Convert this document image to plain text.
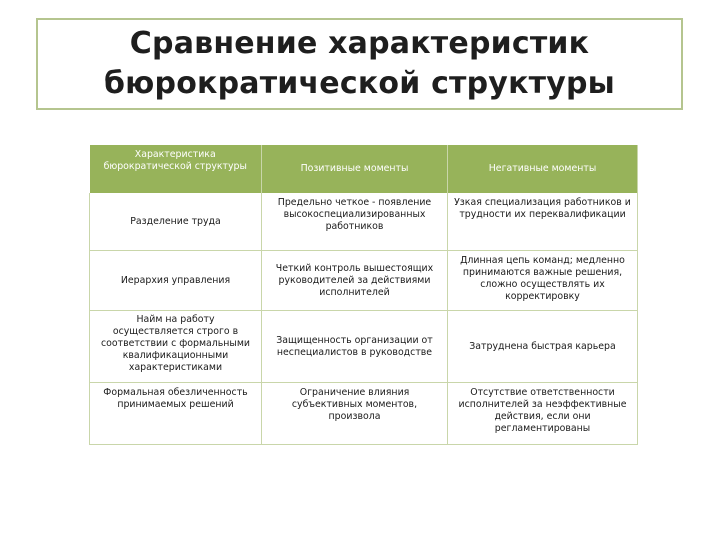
Сравнение характеристик
бюрократической структуры
Характеристика бюрократической структуры	Позитивные моменты	Негативные моменты
Разделение труда	Предельно четкое - появление высокоспециализированных работников	Узкая специализация работников и трудности их переквалификации
Иерархия управления	Четкий контроль вышестоящих руководителей за действиями исполнителей	Длинная цепь команд; медленно принимаются важные решения, сложно осуществлять их корректировку
Найм на работу осуществляется строго в соответствии с формальными квалификационными характеристиками	Защищенность организации от неспециалистов в руководстве	Затруднена быстрая карьера
Формальная обезличенность принимаемых решений	Ограничение влияния субъективных моментов, произвола	Отсутствие ответственности исполнителей за неэффективные действия, если они регламентированы
